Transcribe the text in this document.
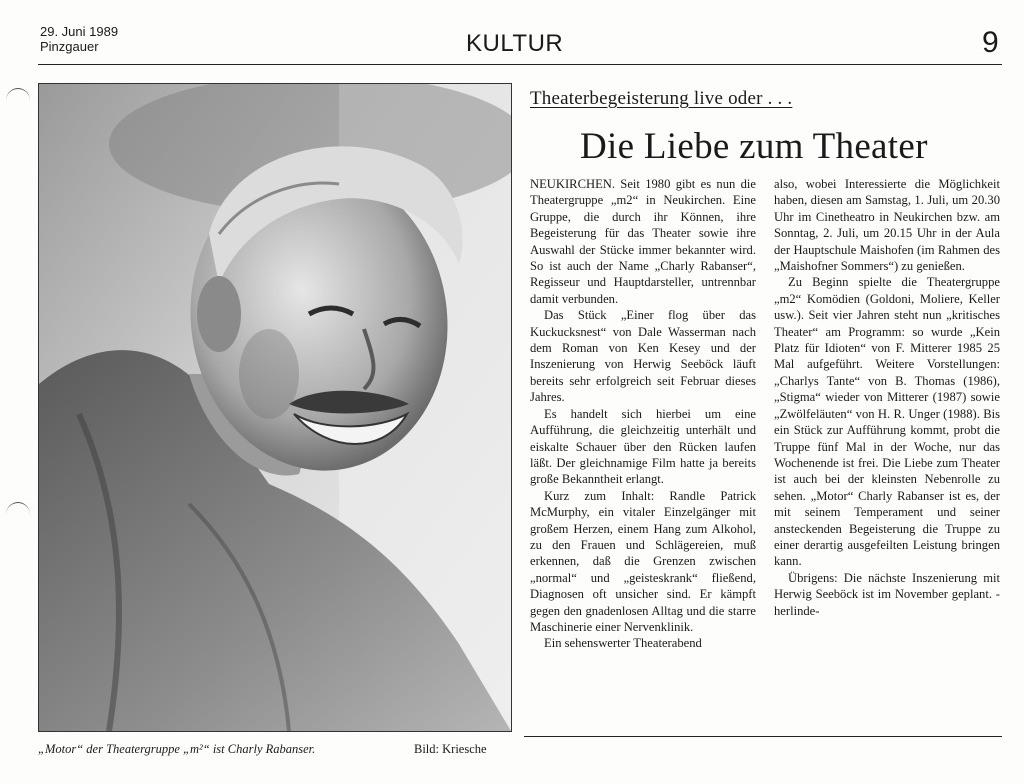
29. Juni 1989
Pinzgauer	KULTUR	9
„Motor“ der Theatergruppe „m²“ ist Charly Rabanser.	Bild: Kriesche
Theaterbegeisterung live oder . . .
Die Liebe zum Theater

NEUKIRCHEN. Seit 1980 gibt es nun die Theatergruppe „m2“ in Neukirchen. Eine Gruppe, die durch ihr Können, ihre Begeisterung für das Theater sowie ihre Auswahl der Stücke immer bekannter wird. So ist auch der Name „Charly Rabanser“, Regisseur und Hauptdarsteller, untrennbar damit verbunden.

Das Stück „Einer flog über das Kuckucksnest“ von Dale Wasserman nach dem Roman von Ken Kesey und der Inszenierung von Herwig Seeböck läuft bereits sehr erfolgreich seit Februar dieses Jahres.

Es handelt sich hierbei um eine Aufführung, die gleichzeitig unterhält und eiskalte Schauer über den Rücken laufen läßt. Der gleichnamige Film hatte ja bereits große Bekanntheit erlangt.

Kurz zum Inhalt: Randle Patrick McMurphy, ein vitaler Einzelgänger mit großem Herzen, einem Hang zum Alkohol, zu den Frauen und Schlägereien, muß erkennen, daß die Grenzen zwischen „normal“ und „geisteskrank“ fließend, Diagnosen oft unsicher sind. Er kämpft gegen den gnadenlosen Alltag und die starre Maschinerie einer Nervenklinik.

Ein sehenswerter Theaterabend

also, wobei Interessierte die Möglichkeit haben, diesen am Samstag, 1. Juli, um 20.30 Uhr im Cinetheatro in Neukirchen bzw. am Sonntag, 2. Juli, um 20.15 Uhr in der Aula der Hauptschule Maishofen (im Rahmen des „Maishofner Sommers“) zu genießen.

Zu Beginn spielte die Theatergruppe „m2“ Komödien (Goldoni, Moliere, Keller usw.). Seit vier Jahren steht nun „kritisches Theater“ am Programm: so wurde „Kein Platz für Idioten“ von F. Mitterer 1985 25 Mal aufgeführt. Weitere Vorstellungen: „Charlys Tante“ von B. Thomas (1986), „Stigma“ wieder von Mitterer (1987) sowie „Zwölfeläuten“ von H. R. Unger (1988). Bis ein Stück zur Aufführung kommt, probt die Truppe fünf Mal in der Woche, nur das Wochenende ist frei. Die Liebe zum Theater ist auch bei der kleinsten Nebenrolle zu sehen. „Motor“ Charly Rabanser ist es, der mit seinem Temperament und seiner ansteckenden Begeisterung die Truppe zu einer derartig ausgefeilten Leistung bringen kann.

Übrigens: Die nächste Inszenierung mit Herwig Seeböck ist im November geplant. -herlinde-
